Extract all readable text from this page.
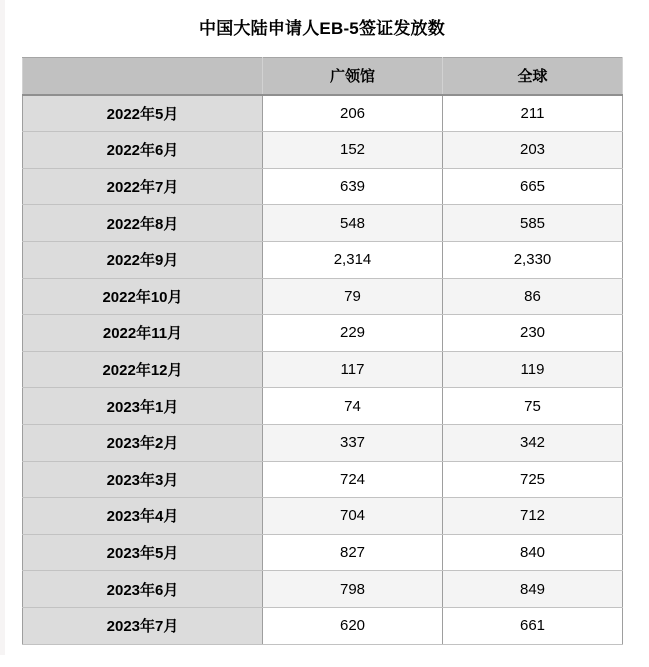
中国大陆申请人EB-5签证发放数
	广领馆	全球
2022年5月	206	211
2022年6月	152	203
2022年7月	639	665
2022年8月	548	585
2022年9月	2,314	2,330
2022年10月	79	86
2022年11月	229	230
2022年12月	117	119
2023年1月	74	75
2023年2月	337	342
2023年3月	724	725
2023年4月	704	712
2023年5月	827	840
2023年6月	798	849
2023年7月	620	661
